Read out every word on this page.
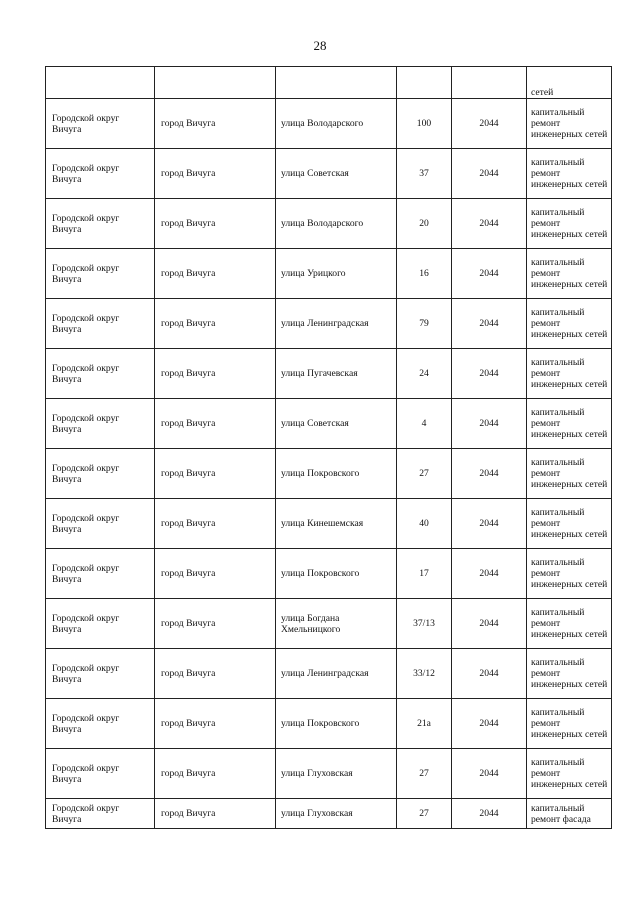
28
					сетей
Городской округ Вичуга	город Вичуга	улица Володарского	100	2044	капитальный ремонт инженерных сетей
Городской округ Вичуга	город Вичуга	улица Советская	37	2044	капитальный ремонт инженерных сетей
Городской округ Вичуга	город Вичуга	улица Володарского	20	2044	капитальный ремонт инженерных сетей
Городской округ Вичуга	город Вичуга	улица Урицкого	16	2044	капитальный ремонт инженерных сетей
Городской округ Вичуга	город Вичуга	улица Ленинградская	79	2044	капитальный ремонт инженерных сетей
Городской округ Вичуга	город Вичуга	улица Пугачевская	24	2044	капитальный ремонт инженерных сетей
Городской округ Вичуга	город Вичуга	улица Советская	4	2044	капитальный ремонт инженерных сетей
Городской округ Вичуга	город Вичуга	улица Покровского	27	2044	капитальный ремонт инженерных сетей
Городской округ Вичуга	город Вичуга	улица Кинешемская	40	2044	капитальный ремонт инженерных сетей
Городской округ Вичуга	город Вичуга	улица Покровского	17	2044	капитальный ремонт инженерных сетей
Городской округ Вичуга	город Вичуга	улица Богдана Хмельницкого	37/13	2044	капитальный ремонт инженерных сетей
Городской округ Вичуга	город Вичуга	улица Ленинградская	33/12	2044	капитальный ремонт инженерных сетей
Городской округ Вичуга	город Вичуга	улица Покровского	21а	2044	капитальный ремонт инженерных сетей
Городской округ Вичуга	город Вичуга	улица Глуховская	27	2044	капитальный ремонт инженерных сетей
Городской округ Вичуга	город Вичуга	улица Глуховская	27	2044	капитальный ремонт фасада
